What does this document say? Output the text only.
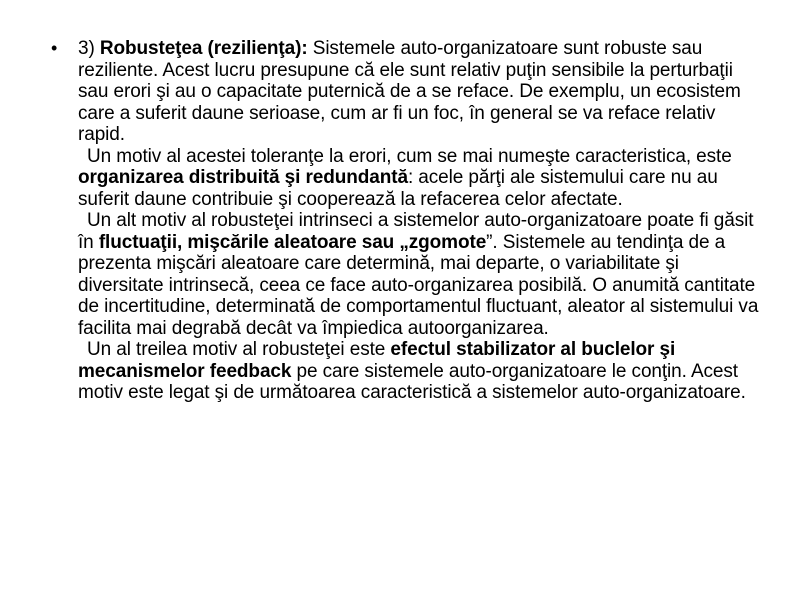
• 3) Robusteţea (rezilienţa): Sistemele auto-organizatoare sunt robuste sau reziliente. Acest lucru presupune că ele sunt relativ puţin sensibile la perturbaţii sau erori şi au o capacitate puternică de a se reface. De exemplu, un ecosistem care a suferit daune serioase, cum ar fi un foc, în general se va reface relativ rapid.

Un motiv al acestei toleranţe la erori, cum se mai numeşte caracteristica, este organizarea distribuită şi redundantă: acele părţi ale sistemului care nu au suferit daune contribuie şi cooperează la refacerea celor afectate.

Un alt motiv al robusteţei intrinseci a sistemelor auto-organizatoare poate fi găsit în fluctuaţii, mişcările aleatoare sau „zgomote”. Sistemele au tendinţa de a prezenta mişcări aleatoare care determină, mai departe, o variabilitate şi diversitate intrinsecă, ceea ce face auto-organizarea posibilă. O anumită cantitate de incertitudine, determinată de comportamentul fluctuant, aleator al sistemului va facilita mai degrabă decât va împiedica autoorganizarea.

Un al treilea motiv al robusteţei este efectul stabilizator al buclelor şi mecanismelor feedback pe care sistemele auto-organizatoare le conţin. Acest motiv este legat şi de următoarea caracteristică a sistemelor auto-organizatoare.
